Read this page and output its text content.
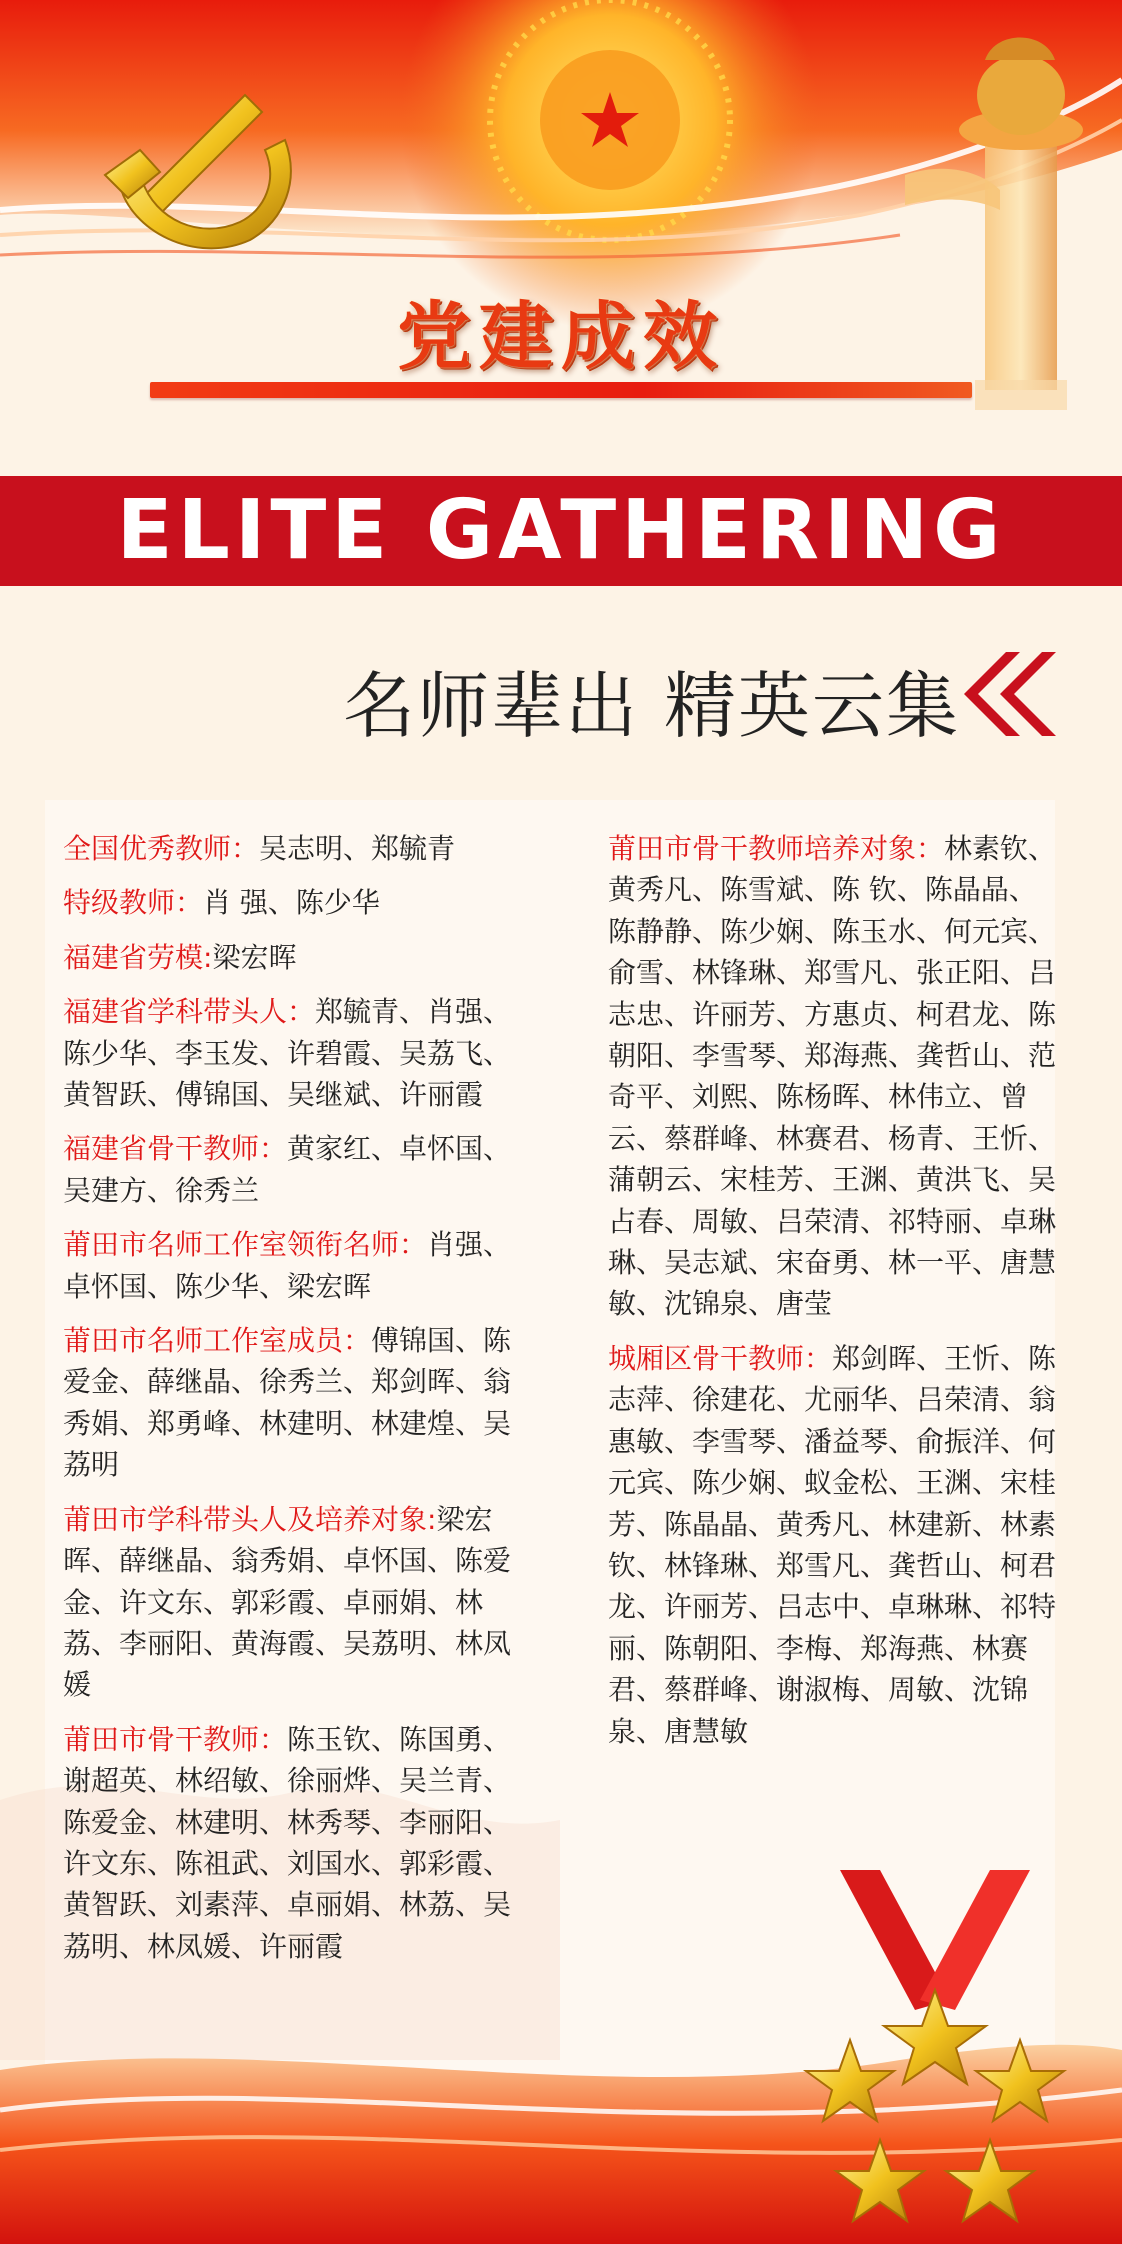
党建成效
ELITE GATHERING
名师辈出 精英云集

全国优秀教师：吴志明、郑毓青

特级教师：肖 强、陈少华

福建省劳模:梁宏晖

福建省学科带头人：郑毓青、肖强、陈少华、李玉发、许碧霞、吴荔飞、黄智跃、傅锦国、吴继斌、许丽霞

福建省骨干教师：黄家红、卓怀国、吴建方、徐秀兰

莆田市名师工作室领衔名师：肖强、卓怀国、陈少华、梁宏晖

莆田市名师工作室成员：傅锦国、陈爱金、薛继晶、徐秀兰、郑剑晖、翁秀娟、郑勇峰、林建明、林建煌、吴荔明

莆田市学科带头人及培养对象:梁宏晖、薛继晶、翁秀娟、卓怀国、陈爱金、许文东、郭彩霞、卓丽娟、林荔、李丽阳、黄海霞、吴荔明、林凤媛

莆田市骨干教师：陈玉钦、陈国勇、谢超英、林绍敏、徐丽烨、吴兰青、陈爱金、林建明、林秀琴、李丽阳、许文东、陈祖武、刘国水、郭彩霞、黄智跃、刘素萍、卓丽娟、林荔、吴荔明、林凤媛、许丽霞

莆田市骨干教师培养对象：林素钦、黄秀凡、陈雪斌、陈 钦、陈晶晶、陈静静、陈少娴、陈玉水、何元宾、俞雪、林锋琳、郑雪凡、张正阳、吕志忠、许丽芳、方惠贞、柯君龙、陈朝阳、李雪琴、郑海燕、龚哲山、范奇平、刘熙、陈杨晖、林伟立、曾云、蔡群峰、林赛君、杨青、王忻、蒲朝云、宋桂芳、王渊、黄洪飞、吴占春、周敏、吕荣清、祁特丽、卓琳琳、吴志斌、宋奋勇、林一平、唐慧敏、沈锦泉、唐莹

城厢区骨干教师：郑剑晖、王忻、陈志萍、徐建花、尤丽华、吕荣清、翁惠敏、李雪琴、潘益琴、俞振洋、何元宾、陈少娴、蚁金松、王渊、宋桂芳、陈晶晶、黄秀凡、林建新、林素钦、林锋琳、郑雪凡、龚哲山、柯君龙、许丽芳、吕志中、卓琳琳、祁特丽、陈朝阳、李梅、郑海燕、林赛君、蔡群峰、谢淑梅、周敏、沈锦泉、唐慧敏
